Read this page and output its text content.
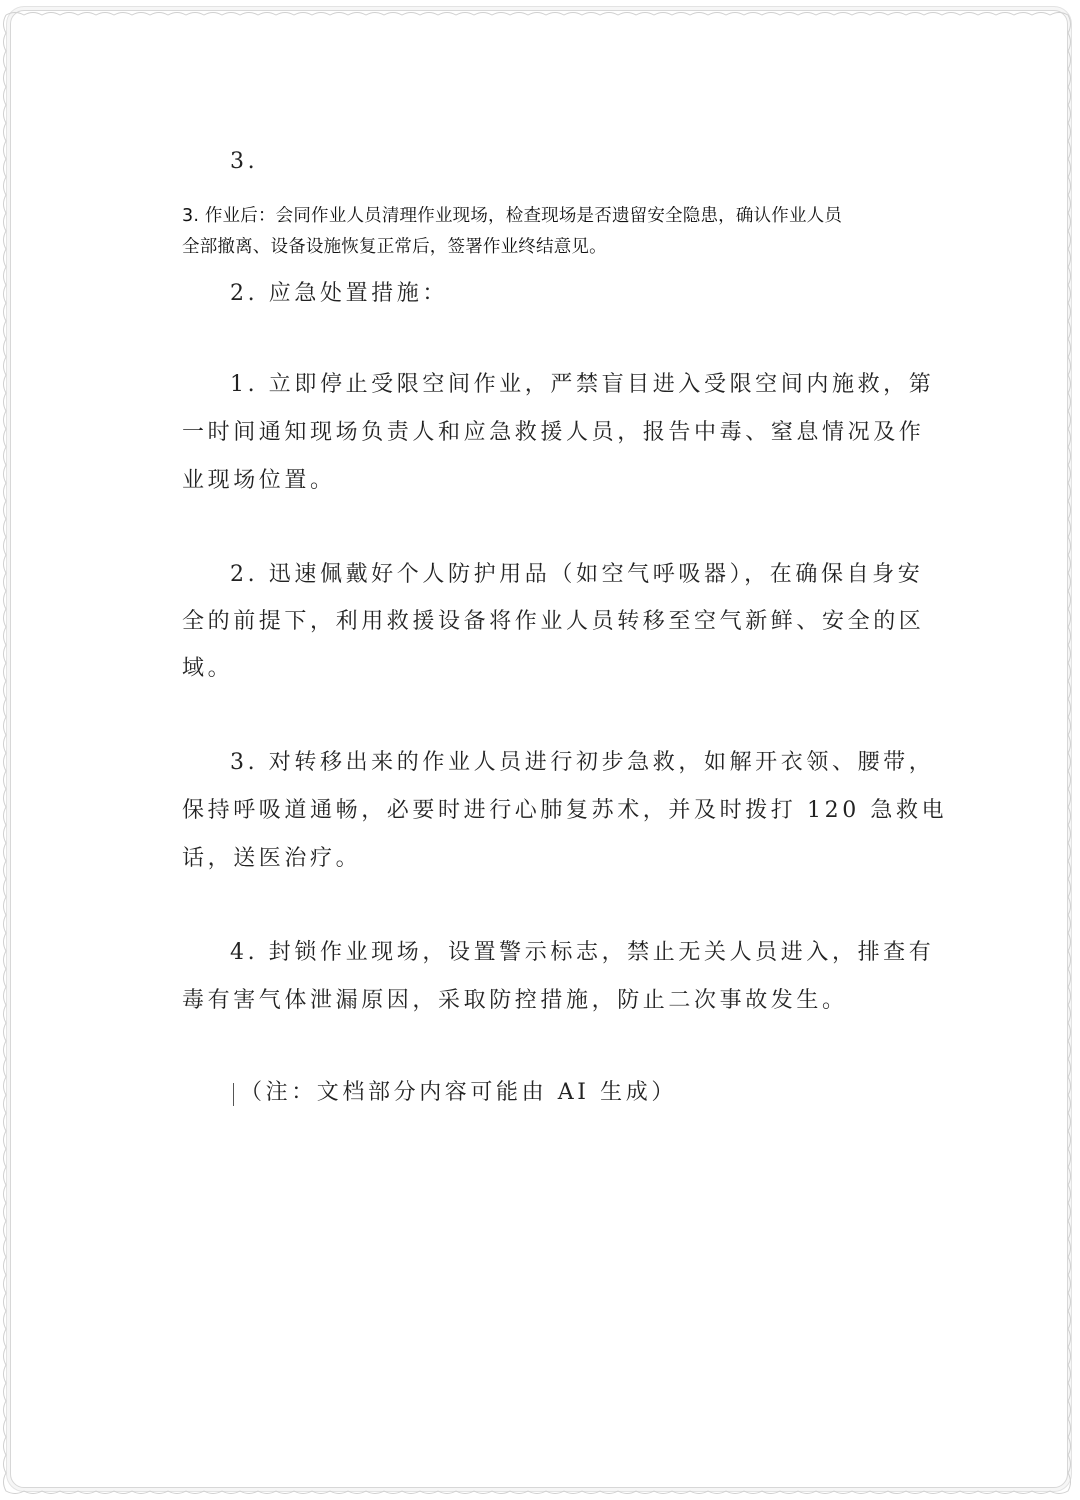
3.
3. 作业后：会同作业人员清理作业现场，检查现场是否遗留安全隐患，确认作业人员
全部撤离、设备设施恢复正常后，签署作业终结意见。
2. 应急处置措施：
1. 立即停止受限空间作业，严禁盲目进入受限空间内施救，第
一时间通知现场负责人和应急救援人员，报告中毒、窒息情况及作
业现场位置。
2. 迅速佩戴好个人防护用品（如空气呼吸器），在确保自身安
全的前提下，利用救援设备将作业人员转移至空气新鲜、安全的区
域。
3. 对转移出来的作业人员进行初步急救，如解开衣领、腰带，
保持呼吸道通畅，必要时进行心肺复苏术，并及时拨打 120 急救电
话，送医治疗。
4. 封锁作业现场，设置警示标志，禁止无关人员进入，排查有
毒有害气体泄漏原因，采取防控措施，防止二次事故发生。
（注：文档部分内容可能由 AI 生成）
